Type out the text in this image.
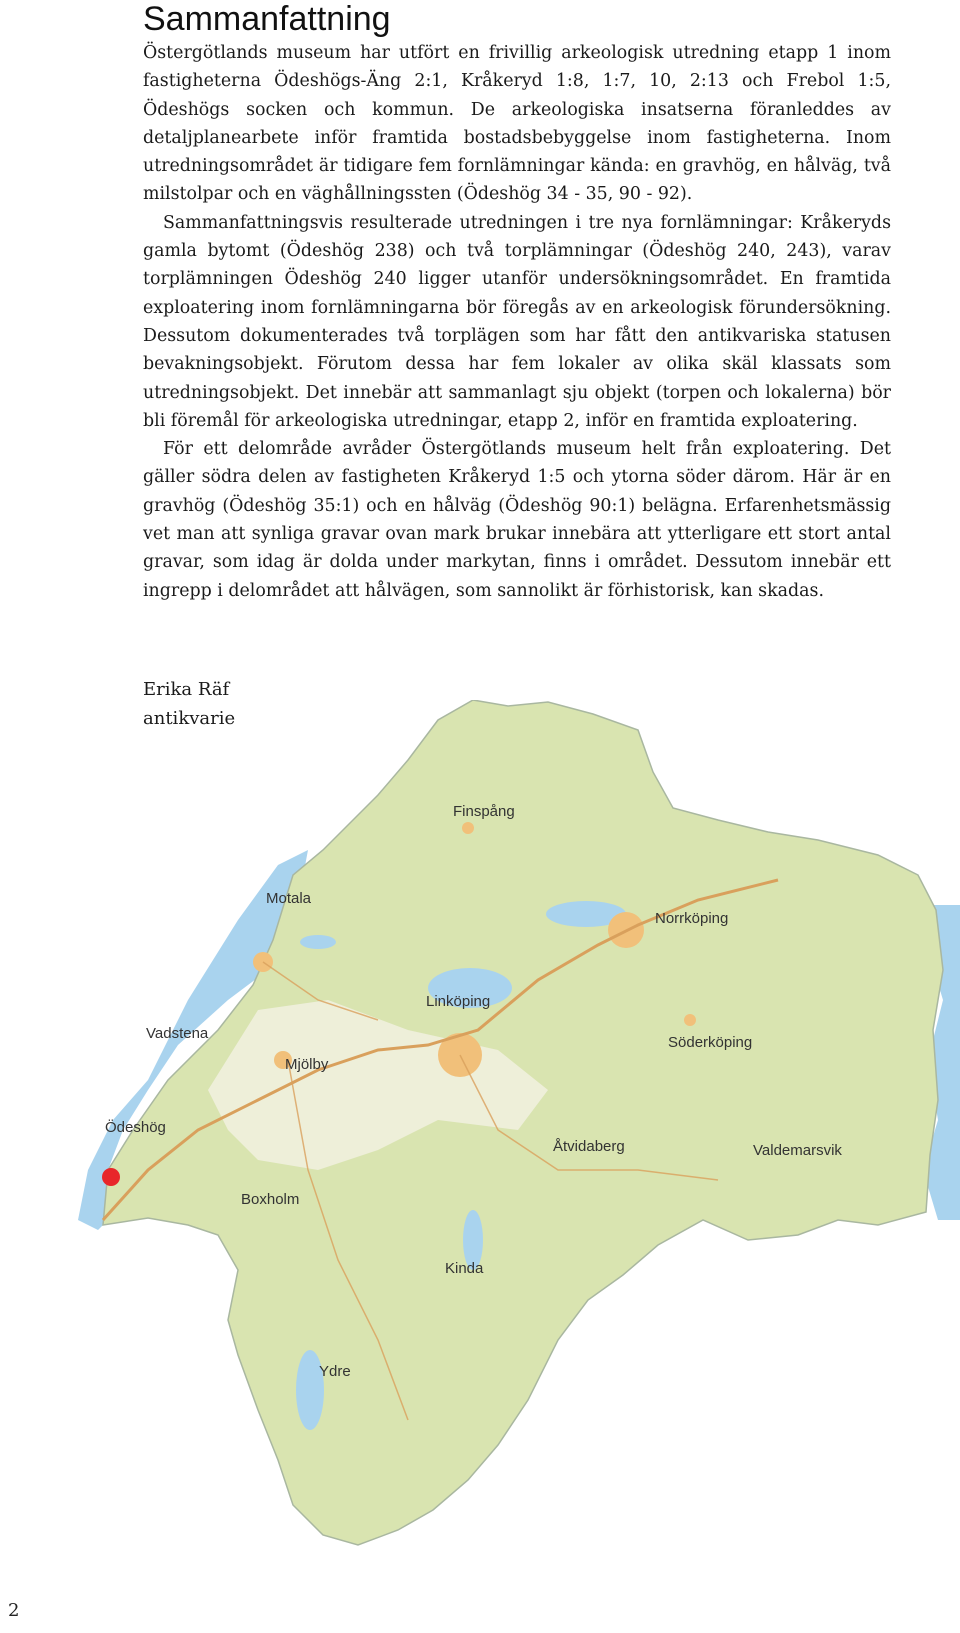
Sammanfattning

Östergötlands museum har utfört en frivillig arkeologisk utredning etapp 1 inom fastigheterna Ödeshögs-Äng 2:1, Kråkeryd 1:8, 1:7, 10, 2:13 och Frebol 1:5, Ödeshögs socken och kommun. De arkeologiska insatserna föranleddes av detaljplanearbete inför framtida bostadsbebyggelse inom fastigheterna. Inom utredningsområdet är tidigare fem fornlämningar kända: en gravhög, en hålväg, två milstolpar och en väghållningssten (Ödeshög 34 - 35, 90 - 92).

Sammanfattningsvis resulterade utredningen i tre nya fornlämningar: Kråkeryds gamla bytomt (Ödeshög 238) och två torplämningar (Ödeshög 240, 243), varav torplämningen Ödeshög 240 ligger utanför undersökningsområdet. En framtida exploatering inom fornlämningarna bör föregås av en arkeologisk förundersökning. Dessutom dokumenterades två torplägen som har fått den antikvariska statusen bevakningsobjekt. Förutom dessa har fem lokaler av olika skäl klassats som utredningsobjekt. Det innebär att sammanlagt sju objekt (torpen och lokalerna) bör bli föremål för arkeologiska utredningar, etapp 2, inför en framtida exploatering.

För ett delområde avråder Östergötlands museum helt från exploatering. Det gäller södra delen av fastigheten Kråkeryd 1:5 och ytorna söder därom. Här är en gravhög (Ödeshög 35:1) och en hålväg (Ödeshög 90:1) belägna. Erfarenhetsmässig vet man att synliga gravar ovan mark brukar innebära att ytterligare ett stort antal gravar, som idag är dolda under markytan, finns i området. Dessutom innebär ett ingrepp i delområdet att hålvägen, som sannolikt är förhistorisk, kan skadas.

Erika Räf
antikvarie
Finspång
Motala
Norrköping
Linköping
Vadstena
Söderköping
Mjölby
Ödeshög
Åtvidaberg	Valdemarsvik
Boxholm
Kinda
Ydre
2
